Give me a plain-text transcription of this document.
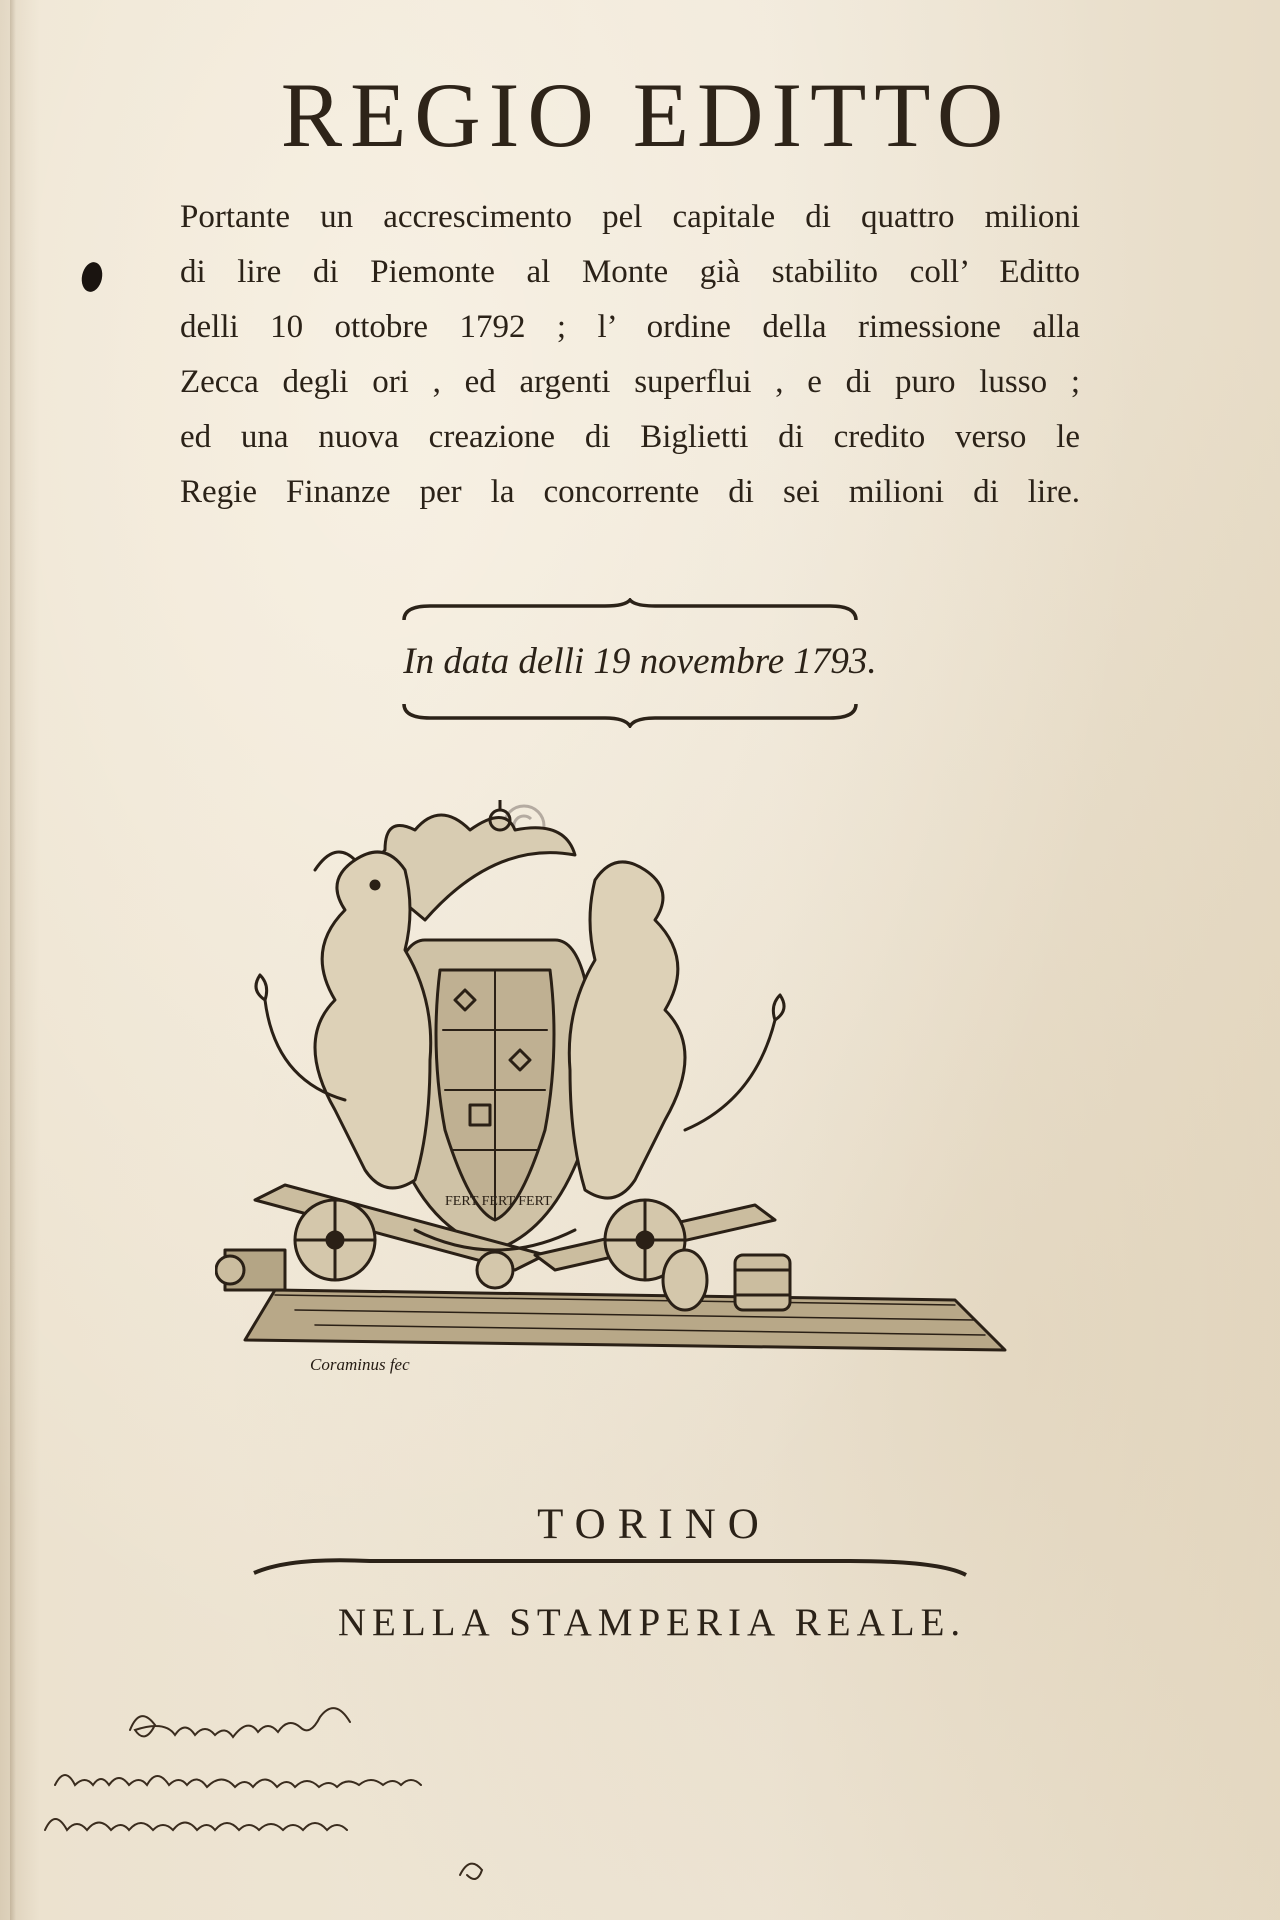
REGIO EDITTO
Portante un accrescimento pel capitale di quattro milioni
di lire di Piemonte al Monte già stabilito coll’ Editto
delli 10 ottobre 1792 ; l’ ordine della rimessione alla
Zecca degli ori , ed argenti superflui , e di puro lusso ;
ed una nuova creazione di Biglietti di credito verso le
Regie Finanze per la concorrente di sei milioni di lire.
In data delli 19 novembre 1793.
FERT FERT FERT
Coraminus fec
TORINO
NELLA STAMPERIA REALE.
